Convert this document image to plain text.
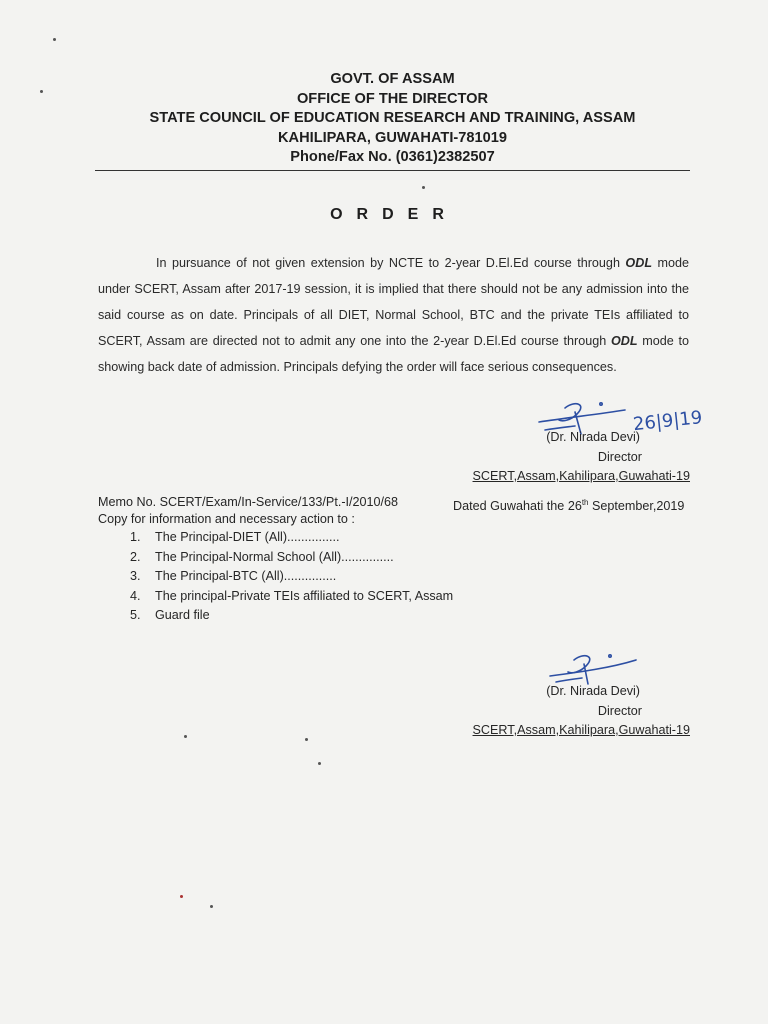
GOVT. OF ASSAM
OFFICE OF THE DIRECTOR
STATE COUNCIL OF EDUCATION RESEARCH AND TRAINING, ASSAM
KAHILIPARA, GUWAHATI-781019
Phone/Fax No. (0361)2382507
ORDER
In pursuance of not given extension by NCTE to 2-year D.El.Ed course through ODL mode under SCERT, Assam after 2017-19 session, it is implied that there should not be any admission into the said course as on date. Principals of all DIET, Normal School, BTC and the private TEIs affiliated to SCERT, Assam are directed not to admit any one into the 2-year D.El.Ed course through ODL mode to showing back date of admission. Principals defying the order will face serious consequences.
26|9|19
(Dr. Nirada Devi)
Director
SCERT,Assam,Kahilipara,Guwahati-19
Memo No. SCERT/Exam/In-Service/133/Pt.-I/2010/68
Copy for information and necessary action to :
Dated Guwahati the 26th September,2019
1. The Principal-DIET (All)...............
2. The Principal-Normal School (All)...............
3. The Principal-BTC (All)...............
4. The principal-Private TEIs affiliated to SCERT, Assam
5. Guard file
(Dr. Nirada Devi)
Director
SCERT,Assam,Kahilipara,Guwahati-19
